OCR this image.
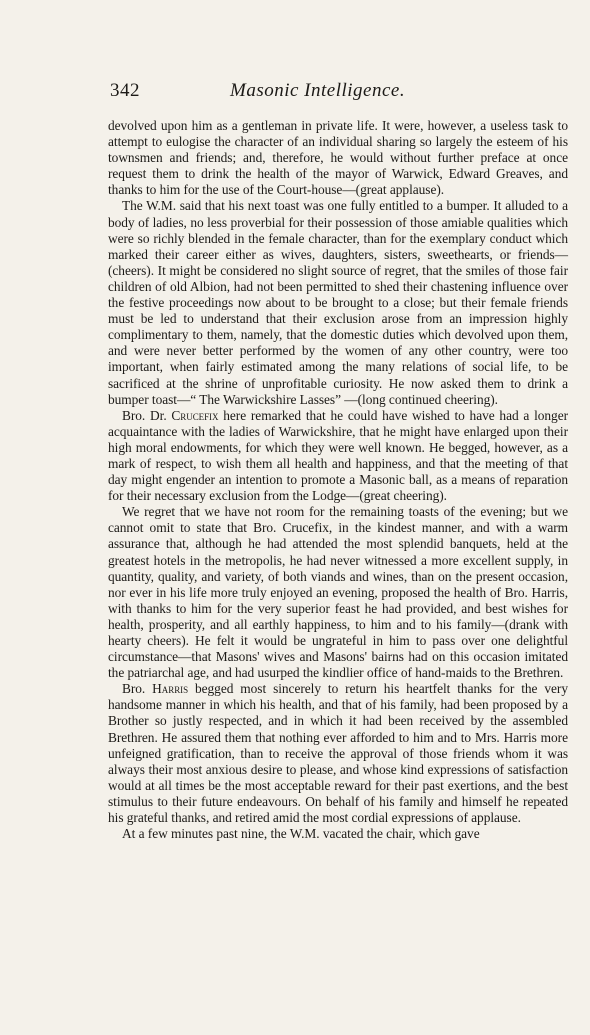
342	Masonic Intelligence.

devolved upon him as a gentleman in private life. It were, however, a useless task to attempt to eulogise the character of an individual sharing so largely the esteem of his townsmen and friends; and, therefore, he would without further preface at once request them to drink the health of the mayor of Warwick, Edward Greaves, and thanks to him for the use of the Court-house—(great applause).

The W.M. said that his next toast was one fully entitled to a bumper. It alluded to a body of ladies, no less proverbial for their possession of those amiable qualities which were so richly blended in the female character, than for the exemplary conduct which marked their career either as wives, daughters, sisters, sweethearts, or friends—(cheers). It might be considered no slight source of regret, that the smiles of those fair children of old Albion, had not been permitted to shed their chastening influence over the festive proceedings now about to be brought to a close; but their female friends must be led to understand that their exclusion arose from an impression highly complimentary to them, namely, that the domestic duties which devolved upon them, and were never better performed by the women of any other country, were too important, when fairly estimated among the many relations of social life, to be sacrificed at the shrine of unprofitable curiosity. He now asked them to drink a bumper toast—“ The Warwickshire Lasses” —(long continued cheering).

Bro. Dr. Crucefix here remarked that he could have wished to have had a longer acquaintance with the ladies of Warwickshire, that he might have enlarged upon their high moral endowments, for which they were well known. He begged, however, as a mark of respect, to wish them all health and happiness, and that the meeting of that day might engender an intention to promote a Masonic ball, as a means of reparation for their necessary exclusion from the Lodge—(great cheering).

We regret that we have not room for the remaining toasts of the evening; but we cannot omit to state that Bro. Crucefix, in the kindest manner, and with a warm assurance that, although he had attended the most splendid banquets, held at the greatest hotels in the metropolis, he had never witnessed a more excellent supply, in quantity, quality, and variety, of both viands and wines, than on the present occasion, nor ever in his life more truly enjoyed an evening, proposed the health of Bro. Harris, with thanks to him for the very superior feast he had provided, and best wishes for health, prosperity, and all earthly happiness, to him and to his family—(drank with hearty cheers). He felt it would be ungrateful in him to pass over one delightful circumstance—that Masons' wives and Masons' bairns had on this occasion imitated the patriarchal age, and had usurped the kindlier office of hand-maids to the Brethren.

Bro. Harris begged most sincerely to return his heartfelt thanks for the very handsome manner in which his health, and that of his family, had been proposed by a Brother so justly respected, and in which it had been received by the assembled Brethren. He assured them that nothing ever afforded to him and to Mrs. Harris more unfeigned gratification, than to receive the approval of those friends whom it was always their most anxious desire to please, and whose kind expressions of satisfaction would at all times be the most acceptable reward for their past exertions, and the best stimulus to their future endeavours. On behalf of his family and himself he repeated his grateful thanks, and retired amid the most cordial expressions of applause.

At a few minutes past nine, the W.M. vacated the chair, which gave
